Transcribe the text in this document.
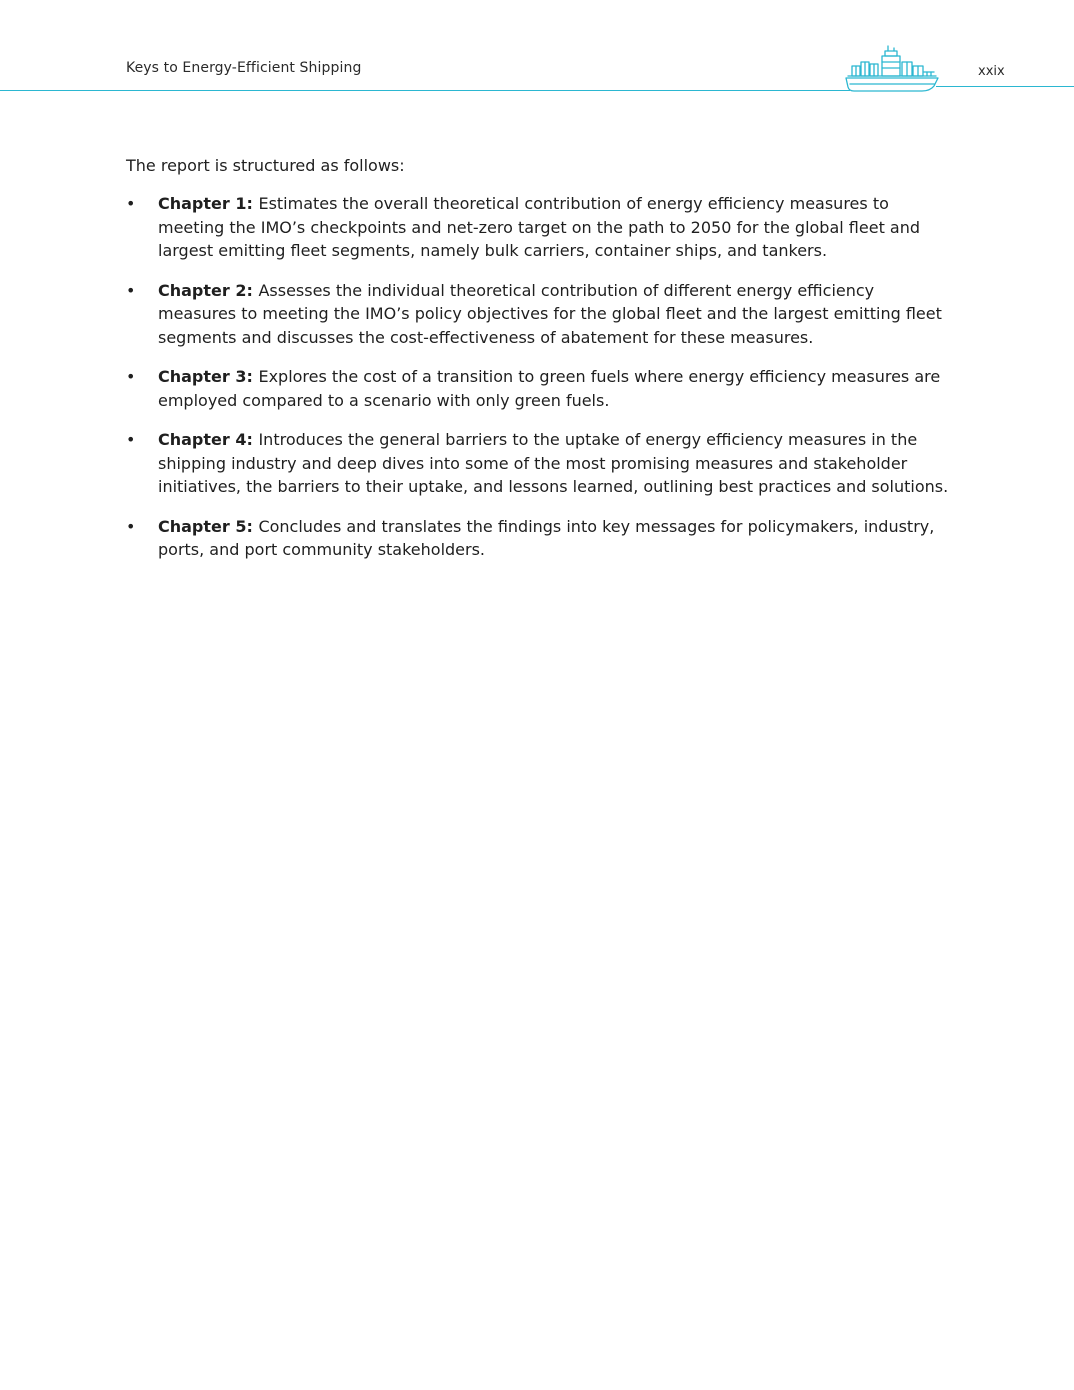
Keys to Energy-Efficient Shipping	xxix

The report is structured as follows:

• Chapter 1: Estimates the overall theoretical contribution of energy efficiency measures to meeting the IMO’s checkpoints and net-zero target on the path to 2050 for the global fleet and largest emitting fleet segments, namely bulk carriers, container ships, and tankers.
• Chapter 2: Assesses the individual theoretical contribution of different energy efficiency measures to meeting the IMO’s policy objectives for the global fleet and the largest emitting fleet segments and discusses the cost-effectiveness of abatement for these measures.
• Chapter 3: Explores the cost of a transition to green fuels where energy efficiency measures are employed compared to a scenario with only green fuels.
• Chapter 4: Introduces the general barriers to the uptake of energy efficiency measures in the shipping industry and deep dives into some of the most promising measures and stakeholder initiatives, the barriers to their uptake, and lessons learned, outlining best practices and solutions.
• Chapter 5: Concludes and translates the findings into key messages for policymakers, industry, ports, and port community stakeholders.
